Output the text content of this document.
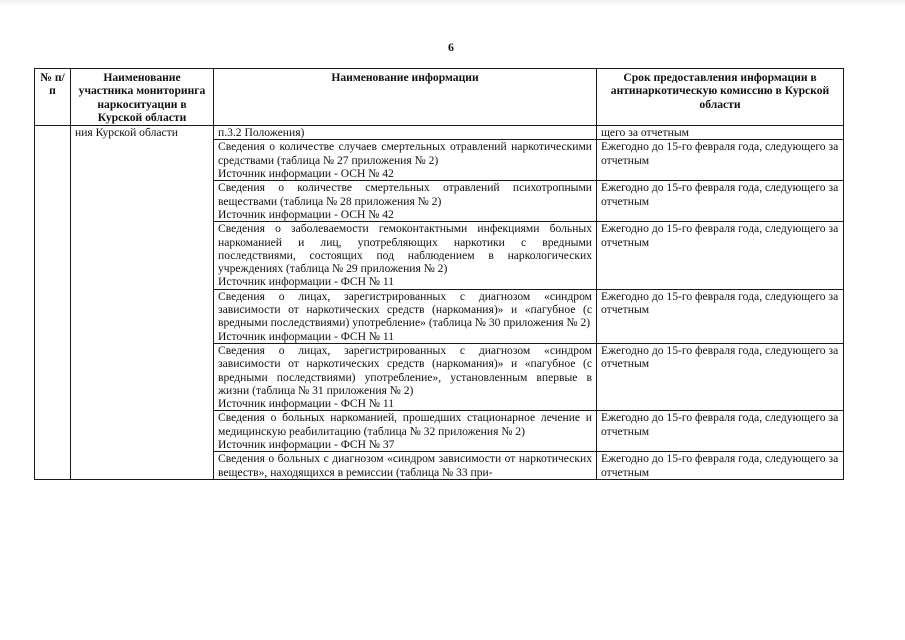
6
№ п/п	Наименование участника мониторинга наркоситуации в Курской области	Наименование информации	Срок предоставления информации в антинаркотическую комиссию в Курской области
	ния Курской области	п.3.2 Положения)	щего за отчетным

		Сведения о количестве случаев смертельных отравлений наркотическими средствами (таблица № 27 приложения № 2)
Источник информации - ОСН № 42	Ежегодно до 15-го февраля года, следующего за отчетным

		Сведения о количестве смертельных отравлений психотропными веществами (таблица № 28 приложения № 2)
Источник информации - ОСН № 42	Ежегодно до 15-го февраля года, следующего за отчетным

		Сведения о заболеваемости гемоконтактными инфекциями больных наркоманией и лиц, употребляющих наркотики с вредными последствиями, состоящих под наблюдением в наркологических учреждениях (таблица № 29 приложения № 2)
Источник информации - ФСН № 11	Ежегодно до 15-го февраля года, следующего за отчетным

		Сведения о лицах, зарегистрированных с диагнозом «синдром зависимости от наркотических средств (наркомания)» и «пагубное (с вредными последствиями) употребление» (таблица № 30 приложения № 2)
Источник информации - ФСН № 11	Ежегодно до 15-го февраля года, следующего за отчетным

		Сведения о лицах, зарегистрированных с диагнозом «синдром зависимости от наркотических средств (наркомания)» и «пагубное (с вредными последствиями) употребление», установленным впервые в жизни (таблица № 31 приложения № 2)
Источник информации - ФСН № 11	Ежегодно до 15-го февраля года, следующего за отчетным

		Сведения о больных наркоманией, прошедших стационарное лечение и медицинскую реабилитацию (таблица № 32 приложения № 2)
Источник информации - ФСН № 37	Ежегодно до 15-го февраля года, следующего за отчетным

		Сведения о больных с диагнозом «синдром зависимости от наркотических веществ», находящихся в ремиссии (таблица № 33 при-	Ежегодно до 15-го февраля года, следующего за отчетным
